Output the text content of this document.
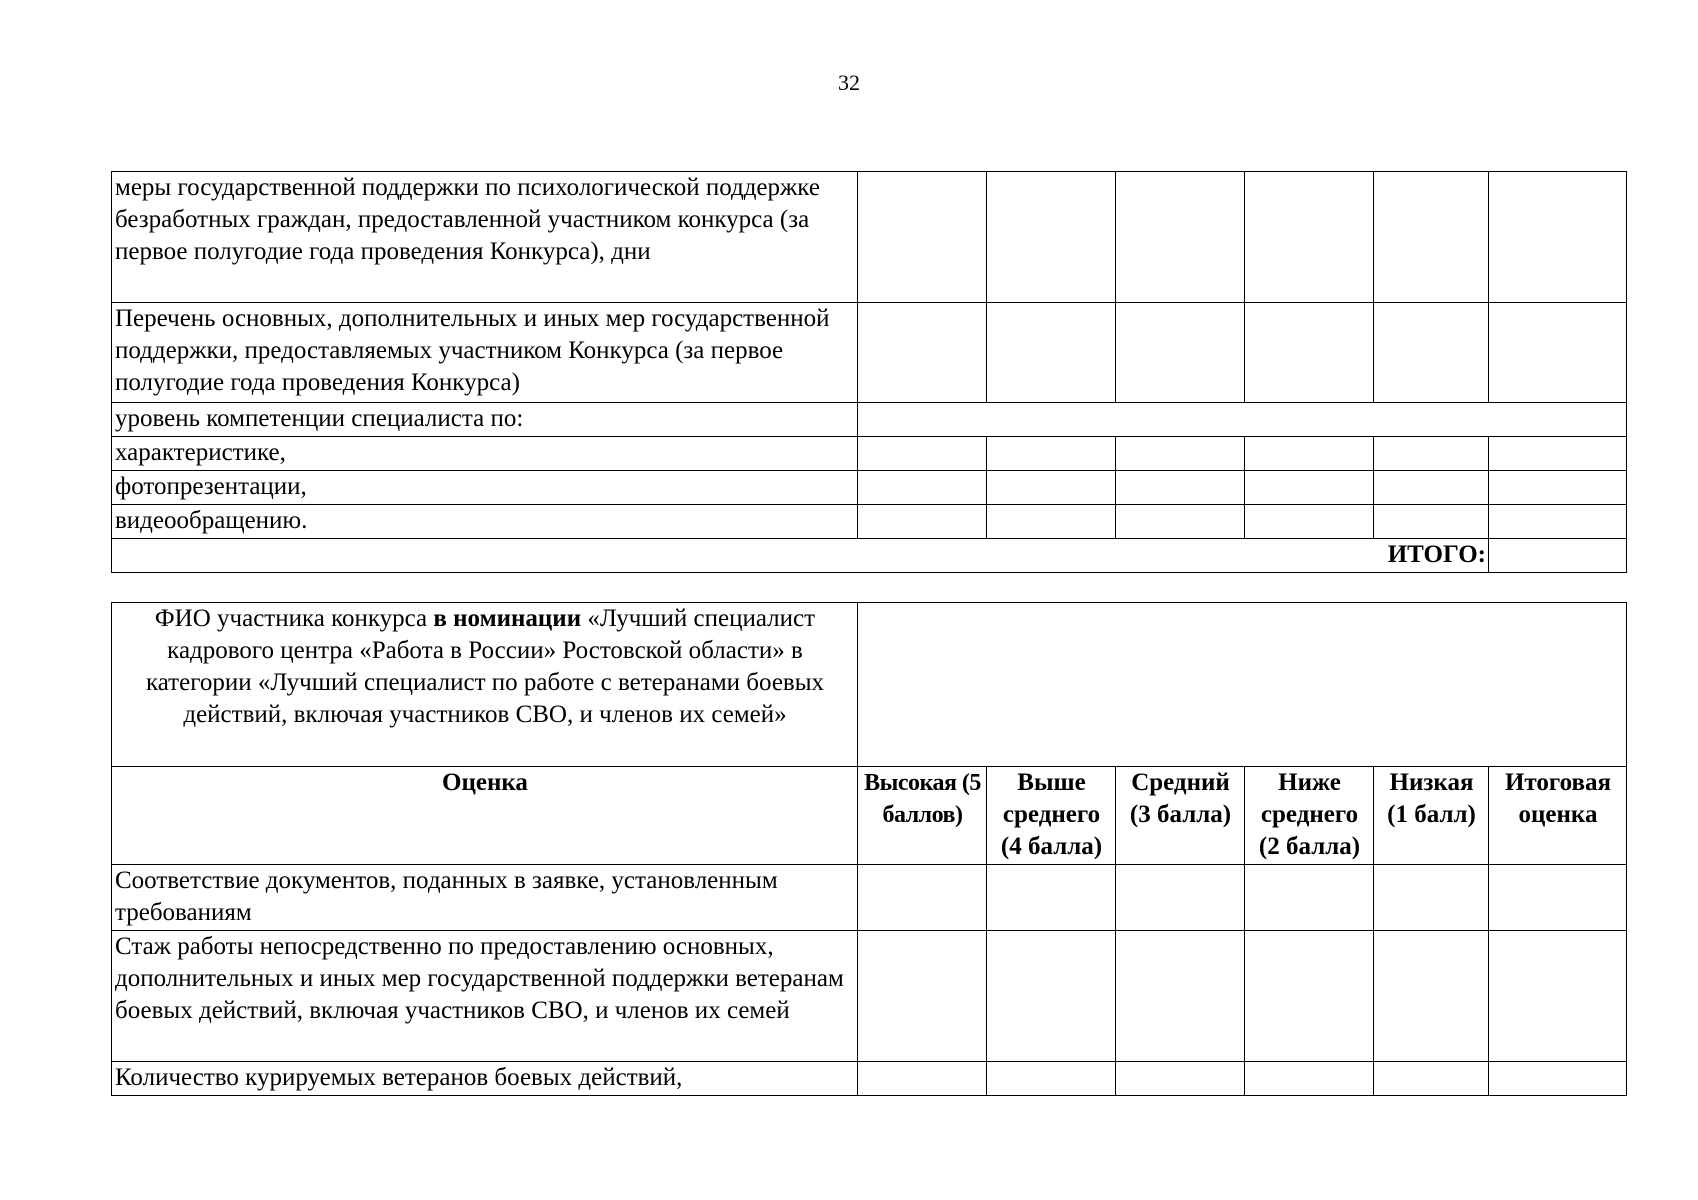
32
меры государственной поддержки по психологической поддержке безработных граждан, предоставленной участником конкурса (за первое полугодие года проведения Конкурса), дни						
Перечень основных, дополнительных и иных мер государственной поддержки, предоставляемых участником Конкурса (за первое полугодие года проведения Конкурса)						
уровень компетенции специалиста по:						
характеристике,						
фотопрезентации,						
видеообращению.						
ИТОГО:						
ФИО участника конкурса в номинации «Лучший специалист кадрового центра «Работа в России» Ростовской области» в категории «Лучший специалист по работе с ветеранами боевых действий, включая участников СВО, и членов их семей»						
Оценка	Высокая (5 баллов)	Выше среднего (4 балла)	Средний (3 балла)	Ниже среднего (2 балла)	Низкая (1 балл)	Итоговая оценка
Соответствие документов, поданных в заявке, установленным требованиям						
Стаж работы непосредственно по предоставлению основных, дополнительных и иных мер государственной поддержки ветеранам боевых действий, включая участников СВО, и членов их семей						
Количество курируемых ветеранов боевых действий,						
